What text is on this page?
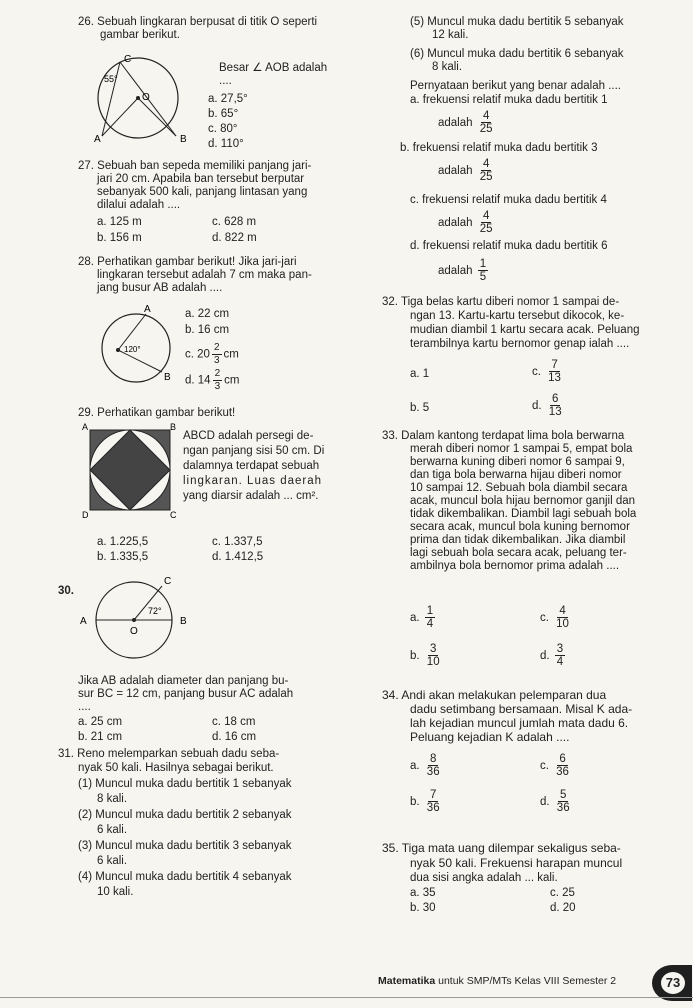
26. Sebuah lingkaran berpusat di titik O seperti
gambar berikut.
C
O
A	B
55°
Besar ∠ AOB adalah
....
a. 27,5°
b. 65°
c. 80°
d. 110°
27. Sebuah ban sepeda memiliki panjang jari-
jari 20 cm. Apabila ban tersebut berputar
sebanyak 500 kali, panjang lintasan yang
dilalui adalah ....
a. 125 m	c. 628 m
b. 156 m	d. 822 m
28. Perhatikan gambar berikut! Jika jari-jari
lingkaran tersebut adalah 7 cm maka pan-
jang busur AB adalah ....
A
B
120°
a. 22 cm
b. 16 cm
c. $20 \frac{2}{3}$ cm
d. $14 \frac{2}{3}$ cm
29. Perhatikan gambar berikut!
A	B
C
D
ABCD adalah persegi de-
ngan panjang sisi 50 cm. Di
dalamnya terdapat sebuah
lingkaran. Luas daerah
yang diarsir adalah ... cm².
a. 1.225,5	c. 1.337,5
b. 1.335,5	d. 1.412,5
30.
C
A	B
O
72°
Jika AB adalah diameter dan panjang bu-
sur BC = 12 cm, panjang busur AC adalah
....
a. 25 cm	c. 18 cm
b. 21 cm	d. 16 cm
31. Reno melemparkan sebuah dadu seba-
nyak 50 kali. Hasilnya sebagai berikut.
(1) Muncul muka dadu bertitik 1 sebanyak
8 kali.
(2) Muncul muka dadu bertitik 2 sebanyak
6 kali.
(3) Muncul muka dadu bertitik 3 sebanyak
6 kali.
(4) Muncul muka dadu bertitik 4 sebanyak
10 kali.
(5) Muncul muka dadu bertitik 5 sebanyak
12 kali.
(6) Muncul muka dadu bertitik 6 sebanyak
8 kali.
Pernyataan berikut yang benar adalah ....
a. frekuensi relatif muka dadu bertitik 1
adalah $\frac{4}{25}$
b. frekuensi relatif muka dadu bertitik 3
adalah $\frac{4}{25}$
c. frekuensi relatif muka dadu bertitik 4
adalah $\frac{4}{25}$
d. frekuensi relatif muka dadu bertitik 6
adalah $\frac{1}{5}$
32. Tiga belas kartu diberi nomor 1 sampai de-
ngan 13. Kartu-kartu tersebut dikocok, ke-
mudian diambil 1 kartu secara acak. Peluang
terambilnya kartu bernomor genap ialah ....
a. 1	c. $\frac{7}{13}$
b. 5	d. $\frac{6}{13}$
33. Dalam kantong terdapat lima bola berwarna
merah diberi nomor 1 sampai 5, empat bola
berwarna kuning diberi nomor 6 sampai 9,
dan tiga bola berwarna hijau diberi nomor
10 sampai 12. Sebuah bola diambil secara
acak, muncul bola hijau bernomor ganjil dan
tidak dikembalikan. Diambil lagi sebuah bola
secara acak, muncul bola kuning bernomor
prima dan tidak dikembalikan. Jika diambil
lagi sebuah bola secara acak, peluang ter-
ambilnya bola bernomor prima adalah ....
a. $\frac{1}{4}$	c. $\frac{4}{10}$
b. $\frac{3}{10}$	d. $\frac{3}{4}$
34. Andi akan melakukan pelemparan dua
dadu setimbang bersamaan. Misal K ada-
lah kejadian muncul jumlah mata dadu 6.
Peluang kejadian K adalah ....
a. $\frac{8}{36}$	c. $\frac{6}{36}$
b. $\frac{7}{36}$	d. $\frac{5}{36}$
35. Tiga mata uang dilempar sekaligus seba-
nyak 50 kali. Frekuensi harapan muncul
dua sisi angka adalah ... kali.
a. 35	c. 25
b. 30	d. 20
Matematika untuk SMP/MTs Kelas VIII Semester 2	73
